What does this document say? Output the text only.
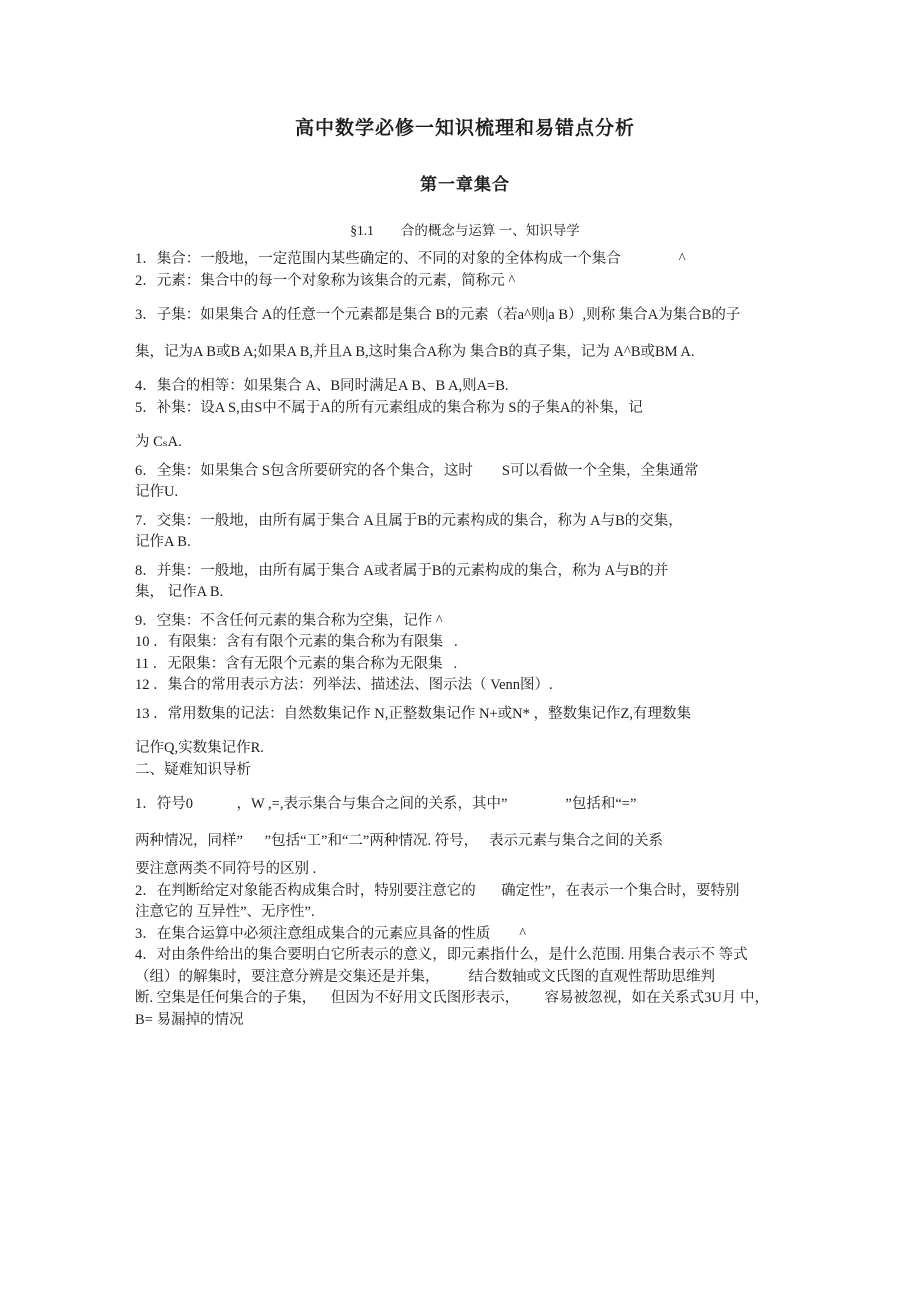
高中数学必修一知识梳理和易错点分析
第一章集合

§1.1        合的概念与运算 一、知识导学

1．集合：一般地，一定范围内某些确定的、不同的对象的全体构成一个集合                ^

2．元素：集合中的每一个对象称为该集合的元素，简称元 ^

3．子集：如果集合 A的任意一个元素都是集合 B的元素（若a^则|a B）,则称 集合A为集合B的子

集，记为A B或B A;如果A B,并且A B,这时集合A称为 集合B的真子集，记为 A^B或BM A.

4．集合的相等：如果集合 A、B同时满足A B、B A,则A=B.

5．补集：设A S,由S中不属于A的所有元素组成的集合称为 S的子集A的补集，记

为 CₛA.

6．全集：如果集合 S包含所要研究的各个集合，这时        S可以看做一个全集，全集通常

记作U.

7．交集：一般地，由所有属于集合 A且属于B的元素构成的集合，称为 A与B的交集，

记作A B.

8．并集：一般地，由所有属于集合 A或者属于B的元素构成的集合，称为 A与B的并

集， 记作A B.

9．空集：不含任何元素的集合称为空集，记作 ^

10 ．有限集：含有有限个元素的集合称为有限集   .

11 ．无限集：含有无限个元素的集合称为无限集   .

12 ．集合的常用表示方法：列举法、描述法、图示法（ Venn图）.

13 ．常用数集的记法：自然数集记作 N,正整数集记作 N+或N* ，整数集记作Z,有理数集

记作Q,实数集记作R.

二、疑难知识导析

1．符号0            ，W ,=,表示集合与集合之间的关系，其中”                ”包括和“=”

两种情况，同样”      ”包括“工”和“二”两种情况. 符号，   表示元素与集合之间的关系

要注意两类不同符号的区别 .

2．在判断给定对象能否构成集合时，特别要注意它的       确定性”，在表示一个集合时，要特别

注意它的 互异性”、无序性”.

3．在集合运算中必须注意组成集合的元素应具备的性质        ^

4．对由条件给出的集合要明白它所表示的意义，即元素指什么，是什么范围. 用集合表示不 等式

（组）的解集时，要注意分辨是交集还是并集，        结合数轴或文氏图的直观性帮助思维判

断. 空集是任何集合的子集，    但因为不好用文氏图形表示，       容易被忽视，如在关系式3U月 中，

B= 易漏掉的情况
